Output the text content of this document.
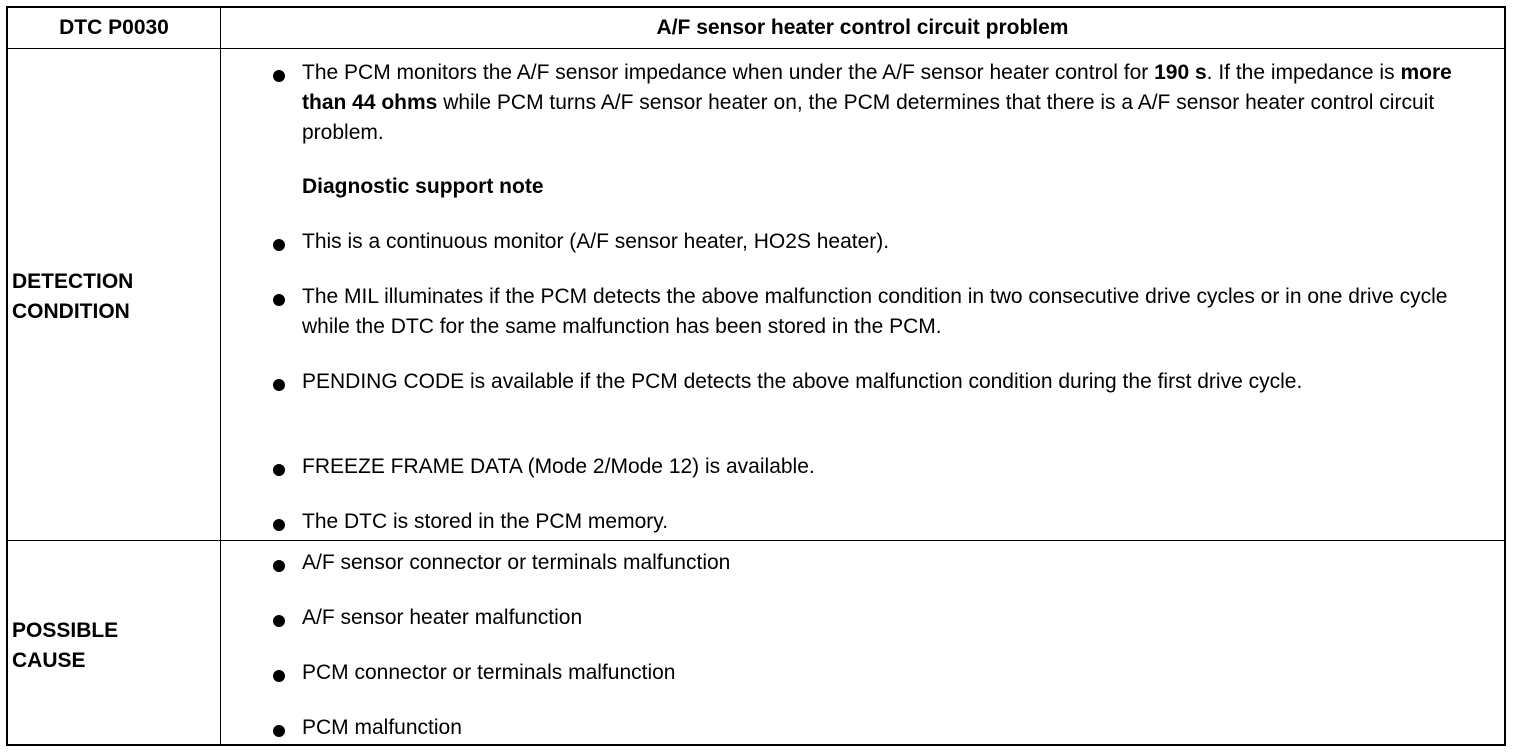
DTC P0030	A/F sensor heater control circuit problem
DETECTION
CONDITION
The PCM monitors the A/F sensor impedance when under the A/F sensor heater control for 190 s. If the impedance is more than 44 ohms while PCM turns A/F sensor heater on, the PCM determines that there is a A/F sensor heater control circuit problem.
Diagnostic support note
This is a continuous monitor (A/F sensor heater, HO2S heater).
The MIL illuminates if the PCM detects the above malfunction condition in two consecutive drive cycles or in one drive cycle while the DTC for the same malfunction has been stored in the PCM.
PENDING CODE is available if the PCM detects the above malfunction condition during the first drive cycle.
FREEZE FRAME DATA (Mode 2/Mode 12) is available.
The DTC is stored in the PCM memory.
POSSIBLE
CAUSE
A/F sensor connector or terminals malfunction
A/F sensor heater malfunction
PCM connector or terminals malfunction
PCM malfunction
